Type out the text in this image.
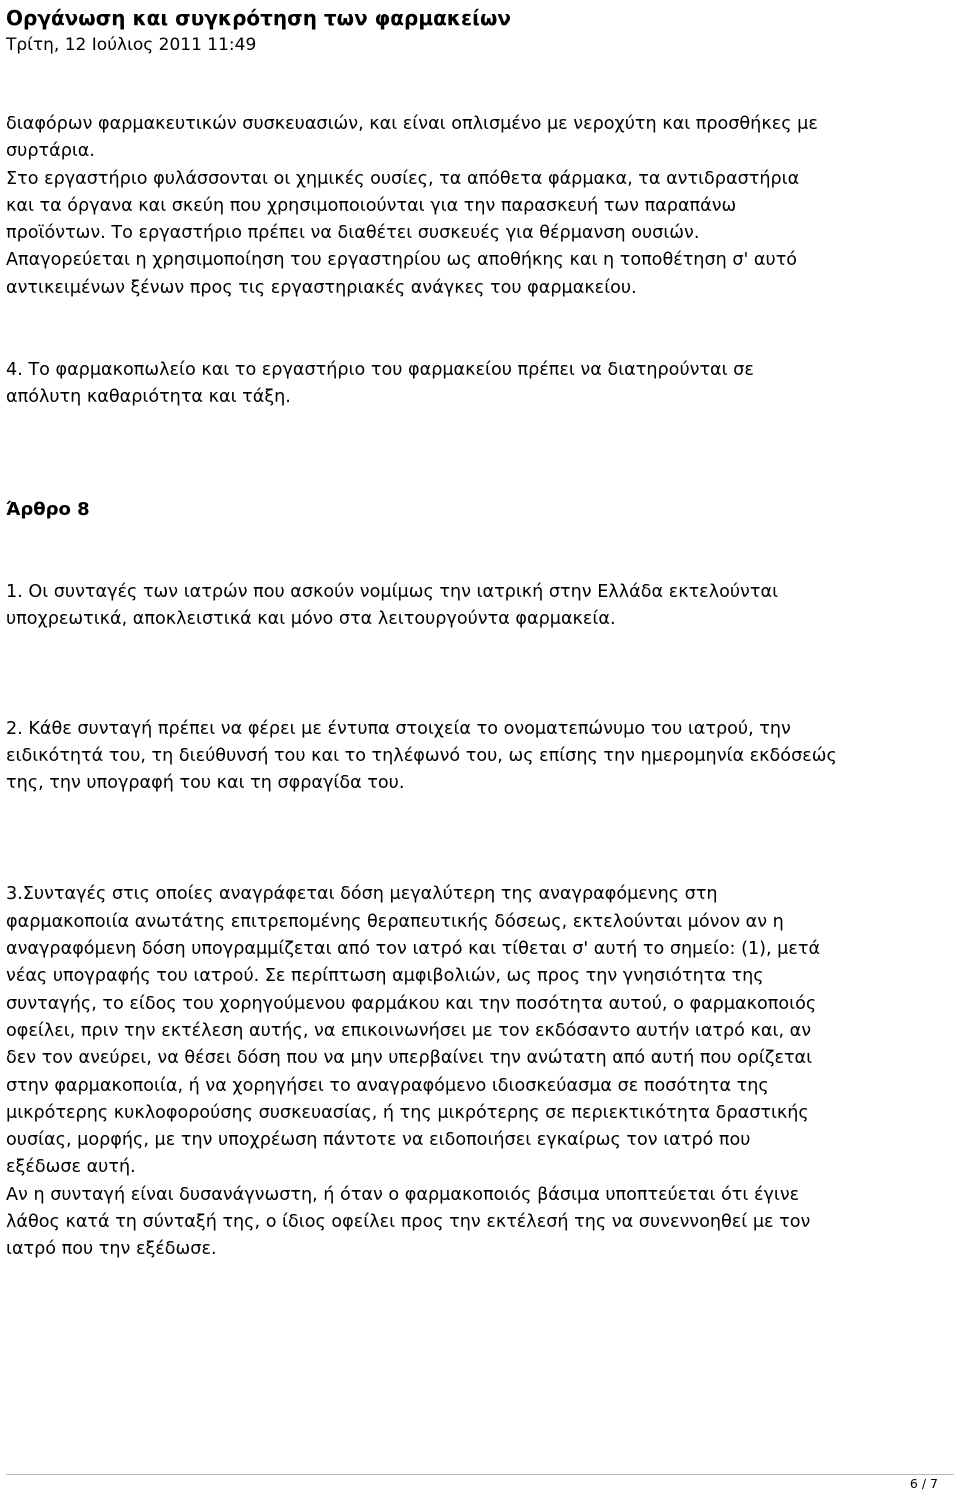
Οργάνωση και συγκρότηση των φαρμακείων
Τρίτη, 12 Ιούλιος 2011 11:49

διαφόρων φαρμακευτικών συσκευασιών, και είναι οπλισμένο με νεροχύτη και προσθήκες με
συρτάρια.
Στο εργαστήριο φυλάσσονται οι χημικές ουσίες, τα απόθετα φάρμακα, τα αντιδραστήρια
και τα όργανα και σκεύη που χρησιμοποιούνται για την παρασκευή των παραπάνω
προϊόντων. Το εργαστήριο πρέπει να διαθέτει συσκευές για θέρμανση ουσιών.
Απαγορεύεται η χρησιμοποίηση του εργαστηρίου ως αποθήκης και η τοποθέτηση σ' αυτό
αντικειμένων ξένων προς τις εργαστηριακές ανάγκες του φαρμακείου.

4. Το φαρμακοπωλείο και το εργαστήριο του φαρμακείου πρέπει να διατηρούνται σε
απόλυτη καθαριότητα και τάξη.

Άρθρο 8

1. Οι συνταγές των ιατρών που ασκούν νομίμως την ιατρική στην Ελλάδα εκτελούνται
υποχρεωτικά, αποκλειστικά και μόνο στα λειτουργούντα φαρμακεία.

2. Κάθε συνταγή πρέπει να φέρει με έντυπα στοιχεία το ονοματεπώνυμο του ιατρού, την
ειδικότητά του, τη διεύθυνσή του και το τηλέφωνό του, ως επίσης την ημερομηνία εκδόσεώς
της, την υπογραφή του και τη σφραγίδα του.

3.Συνταγές στις οποίες αναγράφεται δόση μεγαλύτερη της αναγραφόμενης στη
φαρμακοποιία ανωτάτης επιτρεπομένης θεραπευτικής δόσεως, εκτελούνται μόνον αν η
αναγραφόμενη δόση υπογραμμίζεται από τον ιατρό και τίθεται σ' αυτή το σημείο: (1), μετά
νέας υπογραφής του ιατρού. Σε περίπτωση αμφιβολιών, ως προς την γνησιότητα της
συνταγής, το είδος του χορηγούμενου φαρμάκου και την ποσότητα αυτού, ο φαρμακοποιός
οφείλει, πριν την εκτέλεση αυτής, να επικοινωνήσει με τον εκδόσαντο αυτήν ιατρό και, αν
δεν τον ανεύρει, να θέσει δόση που να μην υπερβαίνει την ανώτατη από αυτή που ορίζεται
στην φαρμακοποιία, ή να χορηγήσει το αναγραφόμενο ιδιοσκεύασμα σε ποσότητα της
μικρότερης κυκλοφορούσης συσκευασίας, ή της μικρότερης σε περιεκτικότητα δραστικής
ουσίας, μορφής, με την υποχρέωση πάντοτε να ειδοποιήσει εγκαίρως τον ιατρό που
εξέδωσε αυτή.
Αν η συνταγή είναι δυσανάγνωστη, ή όταν ο φαρμακοποιός βάσιμα υποπτεύεται ότι έγινε
λάθος κατά τη σύνταξή της, ο ίδιος οφείλει προς την εκτέλεσή της να συνεννοηθεί με τον
ιατρό που την εξέδωσε.

6 / 7
